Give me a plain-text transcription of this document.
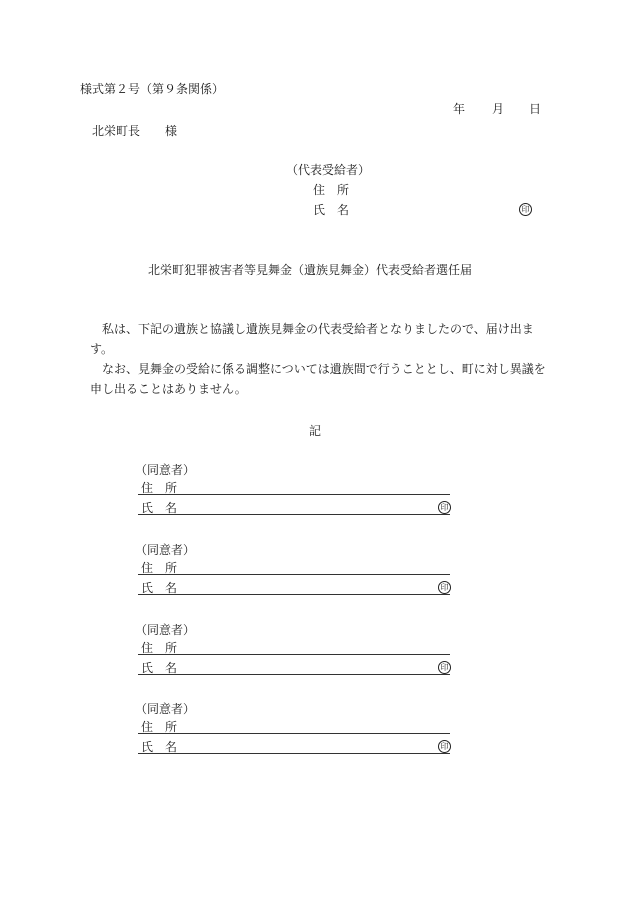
様式第２号（第９条関係）
年 月 日
北栄町長 様
（代表受給者）
住　所
氏　名	印
北栄町犯罪被害者等見舞金（遺族見舞金）代表受給者選任届

私は、下記の遺族と協議し遺族見舞金の代表受給者となりましたので、届け出ます。

なお、見舞金の受給に係る調整については遺族間で行うこととし、町に対し異議を申し出ることはありません。

記
（同意者）
住　所
氏　名	印
（同意者）
住　所
氏　名	印
（同意者）
住　所
氏　名	印
（同意者）
住　所
氏　名	印
